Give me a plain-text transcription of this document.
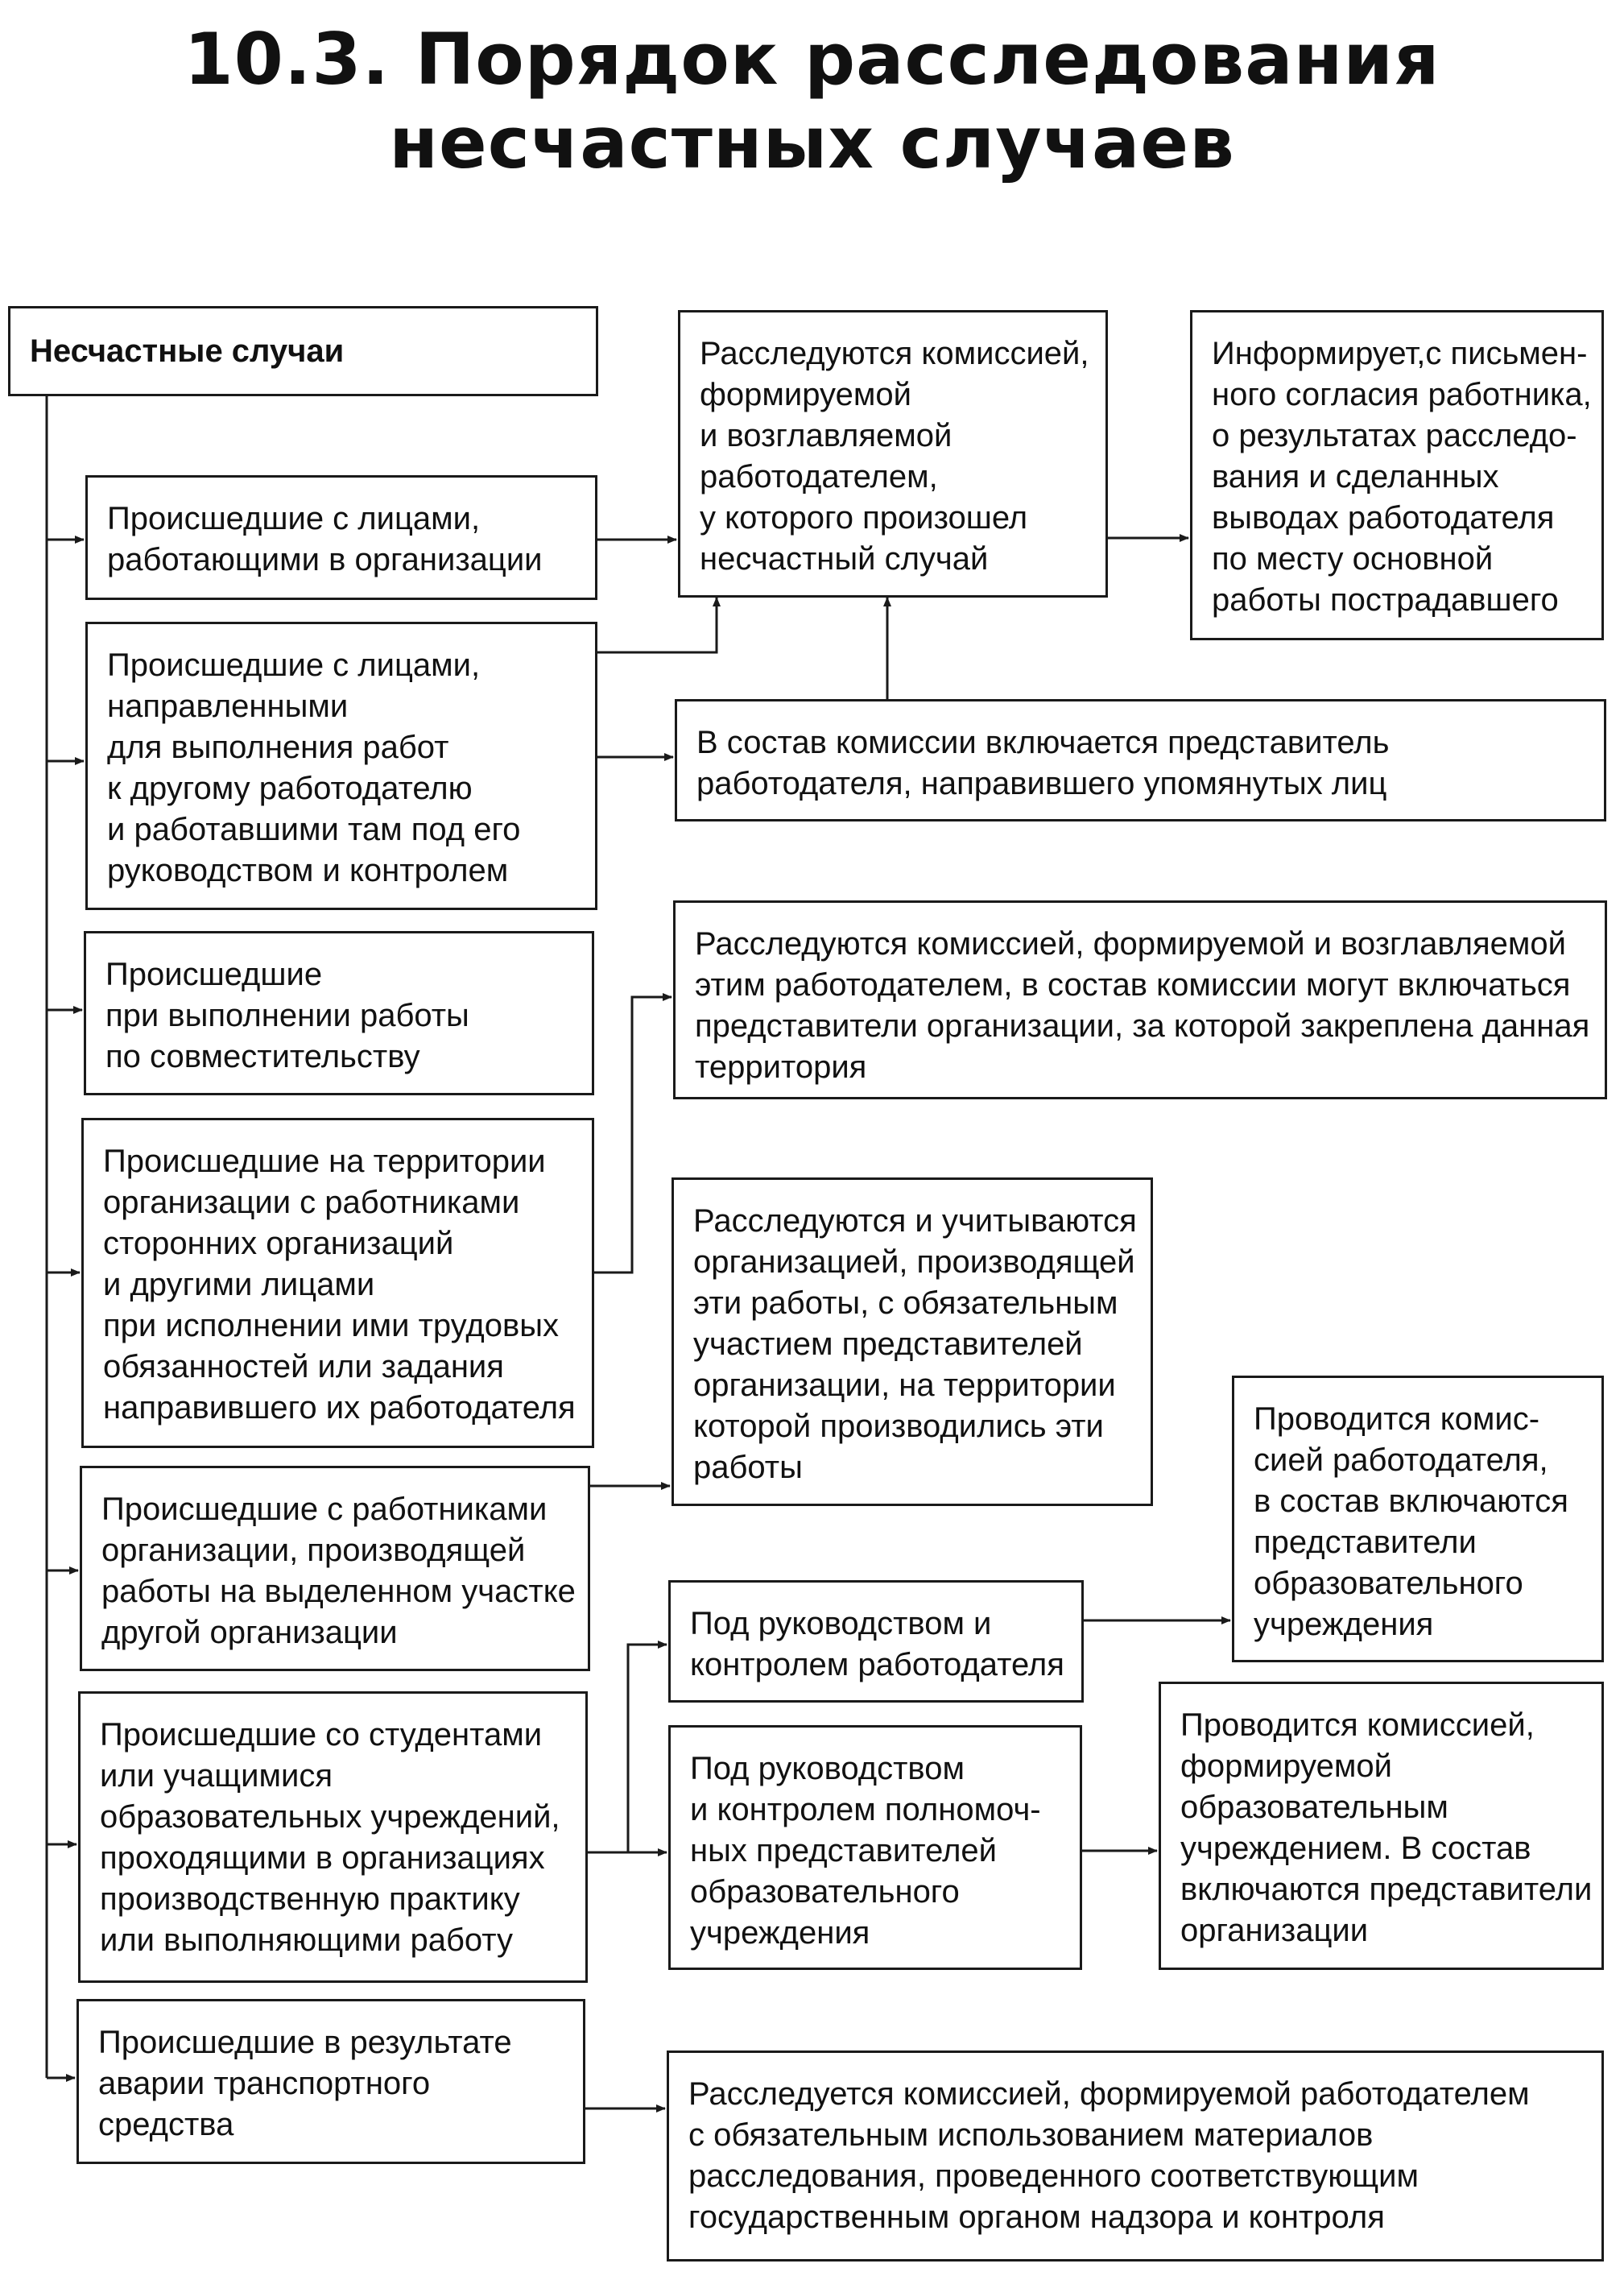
10.3. Порядок расследования
несчастных случаев
Несчастные случаи
Происшедшие с лицами,
работающими в организации
Происшедшие с лицами,
направленными
для выполнения работ
к другому работодателю
и работавшими там под его
руководством и контролем
Происшедшие
при выполнении работы
по совместительству
Происшедшие на территории
организации с работниками
сторонних организаций
и другими лицами
при исполнении ими трудовых
обязанностей или задания
направившего их работодателя
Происшедшие с работниками
организации, производящей
работы на выделенном участке
другой организации
Происшедшие со студентами
или учащимися
образовательных учреждений,
проходящими в организациях
производственную практику
или выполняющими работу
Происшедшие в результате
аварии транспортного
средства
Расследуются комиссией,
формируемой
и возглавляемой
работодателем,
у которого произошел
несчастный случай
Информирует,с письмен-
ного согласия работника,
о результатах расследо-
вания и сделанных
выводах работодателя
по месту основной
работы пострадавшего
В состав комиссии включается представитель
работодателя, направившего упомянутых лиц
Расследуются комиссией, формируемой и возглавляемой
этим работодателем, в состав комиссии могут включаться
представители организации, за которой закреплена данная
территория
Расследуются и учитываются
организацией, производящей
эти работы, с обязательным
участием представителей
организации, на территории
которой производились эти
работы
Проводится комис-
сией работодателя,
в состав включаются
представители
образовательного
учреждения
Под руководством и
контролем работодателя
Под руководством
и контролем полномоч-
ных представителей
образовательного
учреждения
Проводится комиссией,
формируемой
образовательным
учреждением. В состав
включаются представители
организации
Расследуется комиссией, формируемой работодателем
с обязательным использованием материалов
расследования, проведенного соответствующим
государственным органом надзора и контроля
